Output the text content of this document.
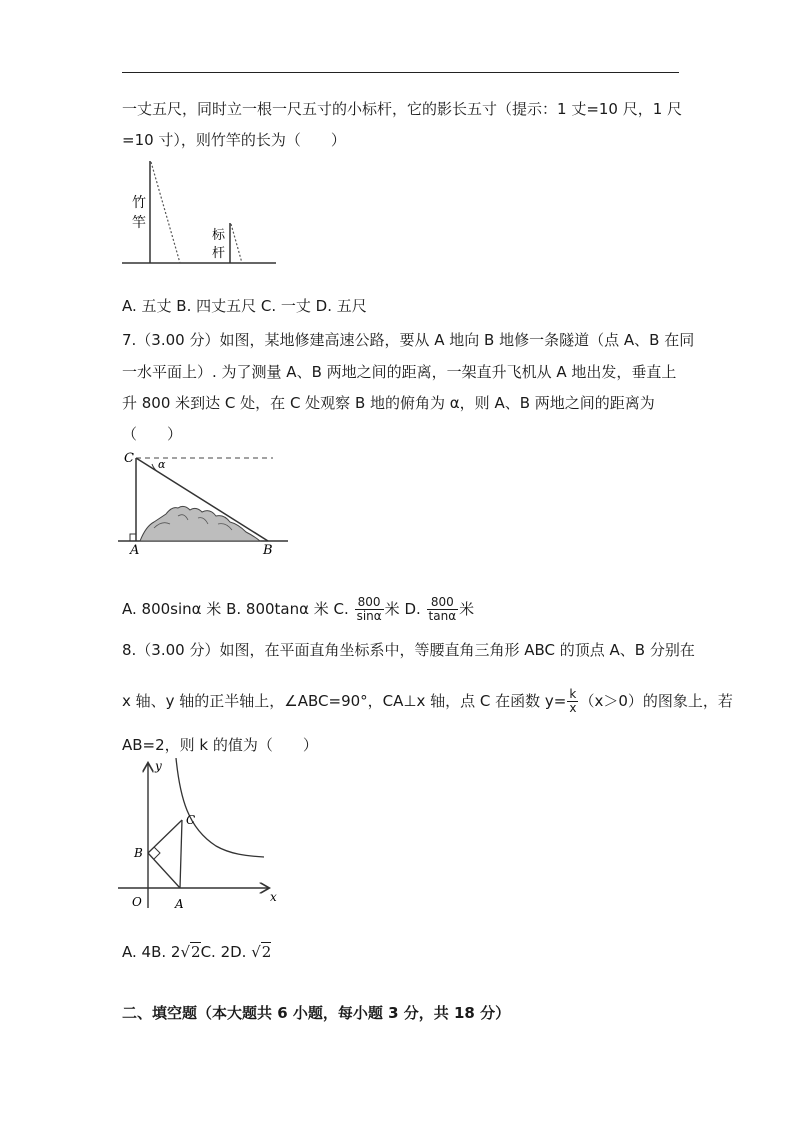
一丈五尺，同时立一根一尺五寸的小标杆，它的影长五寸（提示：1 丈=10 尺，1 尺
=10 寸），则竹竿的长为（　　）
竹
竿
标
杆
A. 五丈 B. 四丈五尺 C. 一丈 D. 五尺
7.（3.00 分）如图，某地修建高速公路，要从 A 地向 B 地修一条隧道（点 A、B 在同
一水平面上）. 为了测量 A、B 两地之间的距离，一架直升飞机从 A 地出发，垂直上
升 800 米到达 C 处，在 C 处观察 B 地的俯角为 α，则 A、B 两地之间的距离为
（　　）
C α
A	B
A. 800sinα 米 B. 800tanα 米 C. $\frac{800}{\sin\alpha}$ 米 D. $\frac{800}{\tan\alpha}$ 米
8.（3.00 分）如图，在平面直角坐标系中，等腰直角三角形 ABC 的顶点 A、B 分别在
x 轴、y 轴的正半轴上，∠ABC=90°，CA⊥x 轴，点 C 在函数 $y= \frac{k}{x} (x>0)$的图象上，若
AB=2，则 k 的值为（　　）
y
x
O	A
B
C
A. 4B. 2√2C. 2D. √2
二、填空题（本大题共 6 小题，每小题 3 分，共 18 分）
